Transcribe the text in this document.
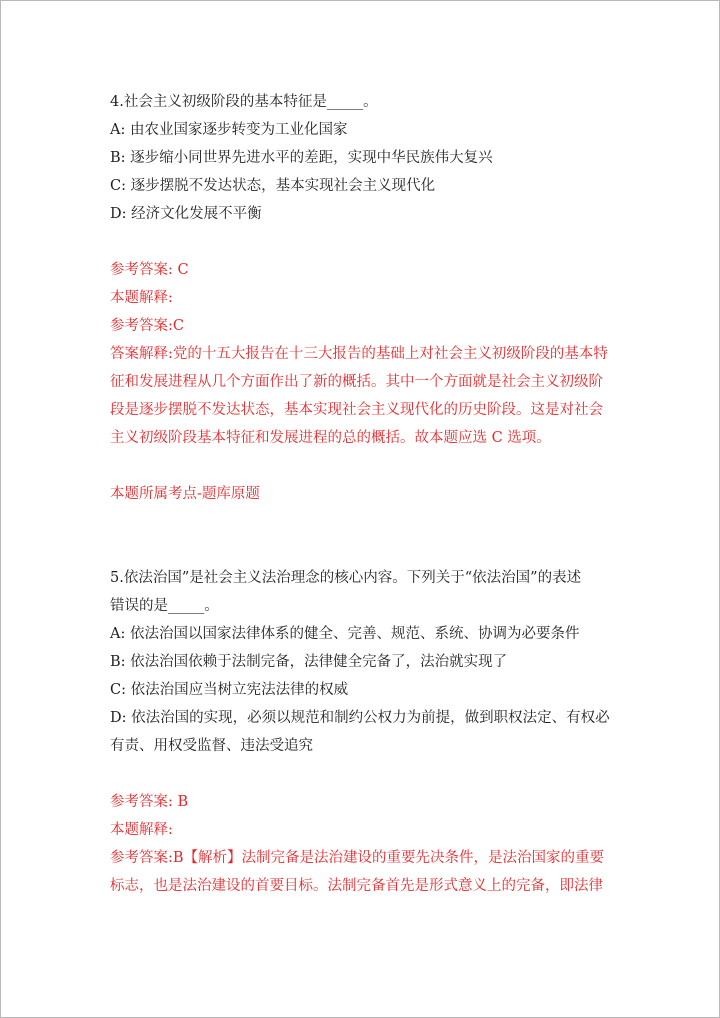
4.社会主义初级阶段的基本特征是_____。
A: 由农业国家逐步转变为工业化国家
B: 逐步缩小同世界先进水平的差距，实现中华民族伟大复兴
C: 逐步摆脱不发达状态，基本实现社会主义现代化
D: 经济文化发展不平衡
参考答案: C
本题解释:
参考答案:C
答案解释:党的十五大报告在十三大报告的基础上对社会主义初级阶段的基本特
征和发展进程从几个方面作出了新的概括。其中一个方面就是社会主义初级阶
段是逐步摆脱不发达状态，基本实现社会主义现代化的历史阶段。这是对社会
主义初级阶段基本特征和发展进程的总的概括。故本题应选 C 选项。
本题所属考点-题库原题
5.依法治国”是社会主义法治理念的核心内容。下列关于“依法治国”的表述
错误的是_____。
A: 依法治国以国家法律体系的健全、完善、规范、系统、协调为必要条件
B: 依法治国依赖于法制完备，法律健全完备了，法治就实现了
C: 依法治国应当树立宪法法律的权威
D: 依法治国的实现，必须以规范和制约公权力为前提，做到职权法定、有权必
有责、用权受监督、违法受追究
参考答案: B
本题解释:
参考答案:B【解析】法制完备是法治建设的重要先决条件，是法治国家的重要
标志，也是法治建设的首要目标。法制完备首先是形式意义上的完备，即法律
